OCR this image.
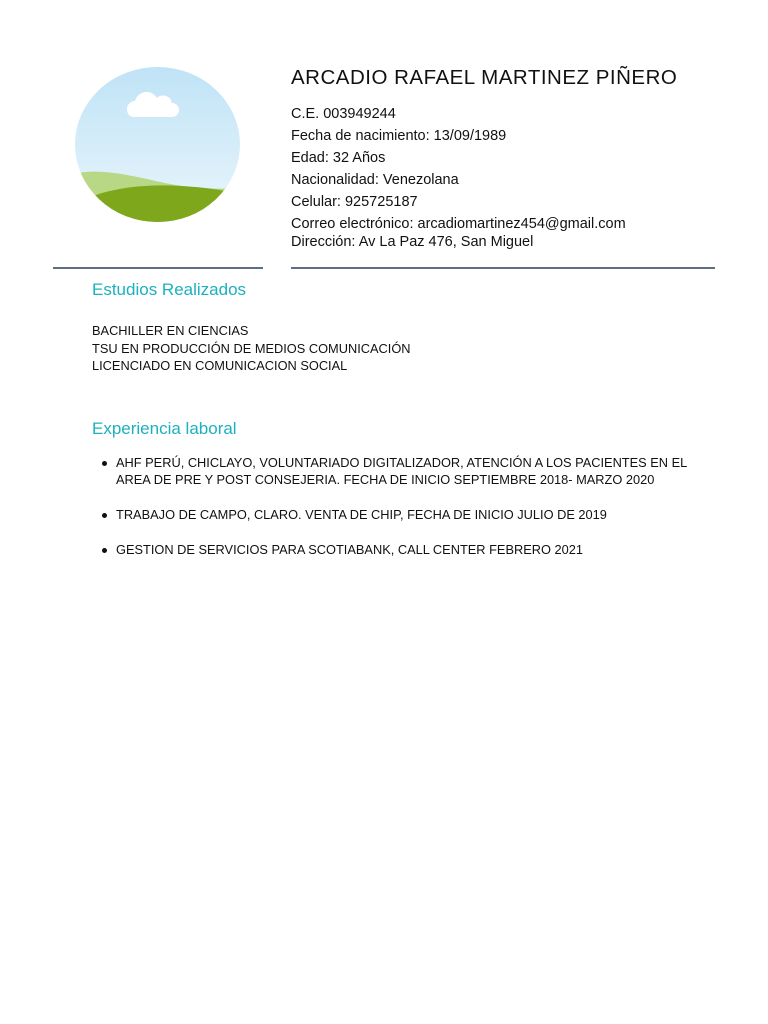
ARCADIO RAFAEL MARTINEZ PIÑERO
C.E. 003949244
Fecha de nacimiento: 13/09/1989
Edad: 32 Años
Nacionalidad: Venezolana
Celular: 925725187
Correo electrónico: arcadiomartinez454@gmail.com
Dirección: Av La Paz 476, San Miguel
Estudios Realizados
BACHILLER EN CIENCIAS
TSU EN PRODUCCIÓN DE MEDIOS COMUNICACIÓN
LICENCIADO EN COMUNICACION SOCIAL
Experiencia laboral
AHF PERÚ, CHICLAYO, VOLUNTARIADO DIGITALIZADOR, ATENCIÓN A LOS PACIENTES EN EL AREA DE PRE Y POST CONSEJERIA. FECHA DE INICIO SEPTIEMBRE 2018- MARZO 2020
TRABAJO DE CAMPO, CLARO. VENTA DE CHIP, FECHA DE INICIO JULIO DE 2019
GESTION DE SERVICIOS PARA SCOTIABANK, CALL CENTER FEBRERO 2021
